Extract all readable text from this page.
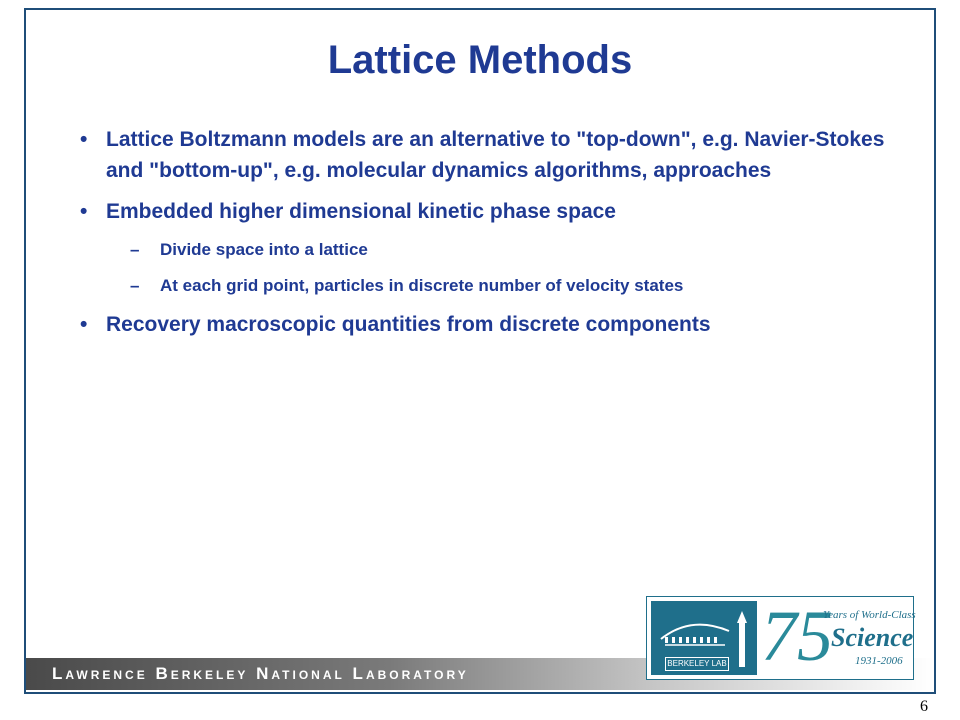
Lattice Methods
• Lattice Boltzmann models are an alternative to "top-down", e.g. Navier-Stokes and "bottom-up", e.g. molecular dynamics algorithms, approaches
• Embedded higher dimensional kinetic phase space
– Divide space into a lattice
– At each grid point, particles in discrete number of velocity states
• Recovery macroscopic quantities from discrete components
Lawrence Berkeley National Laboratory
BERKELEY LAB 75
Years of World-Class
Science
1931-2006
6
